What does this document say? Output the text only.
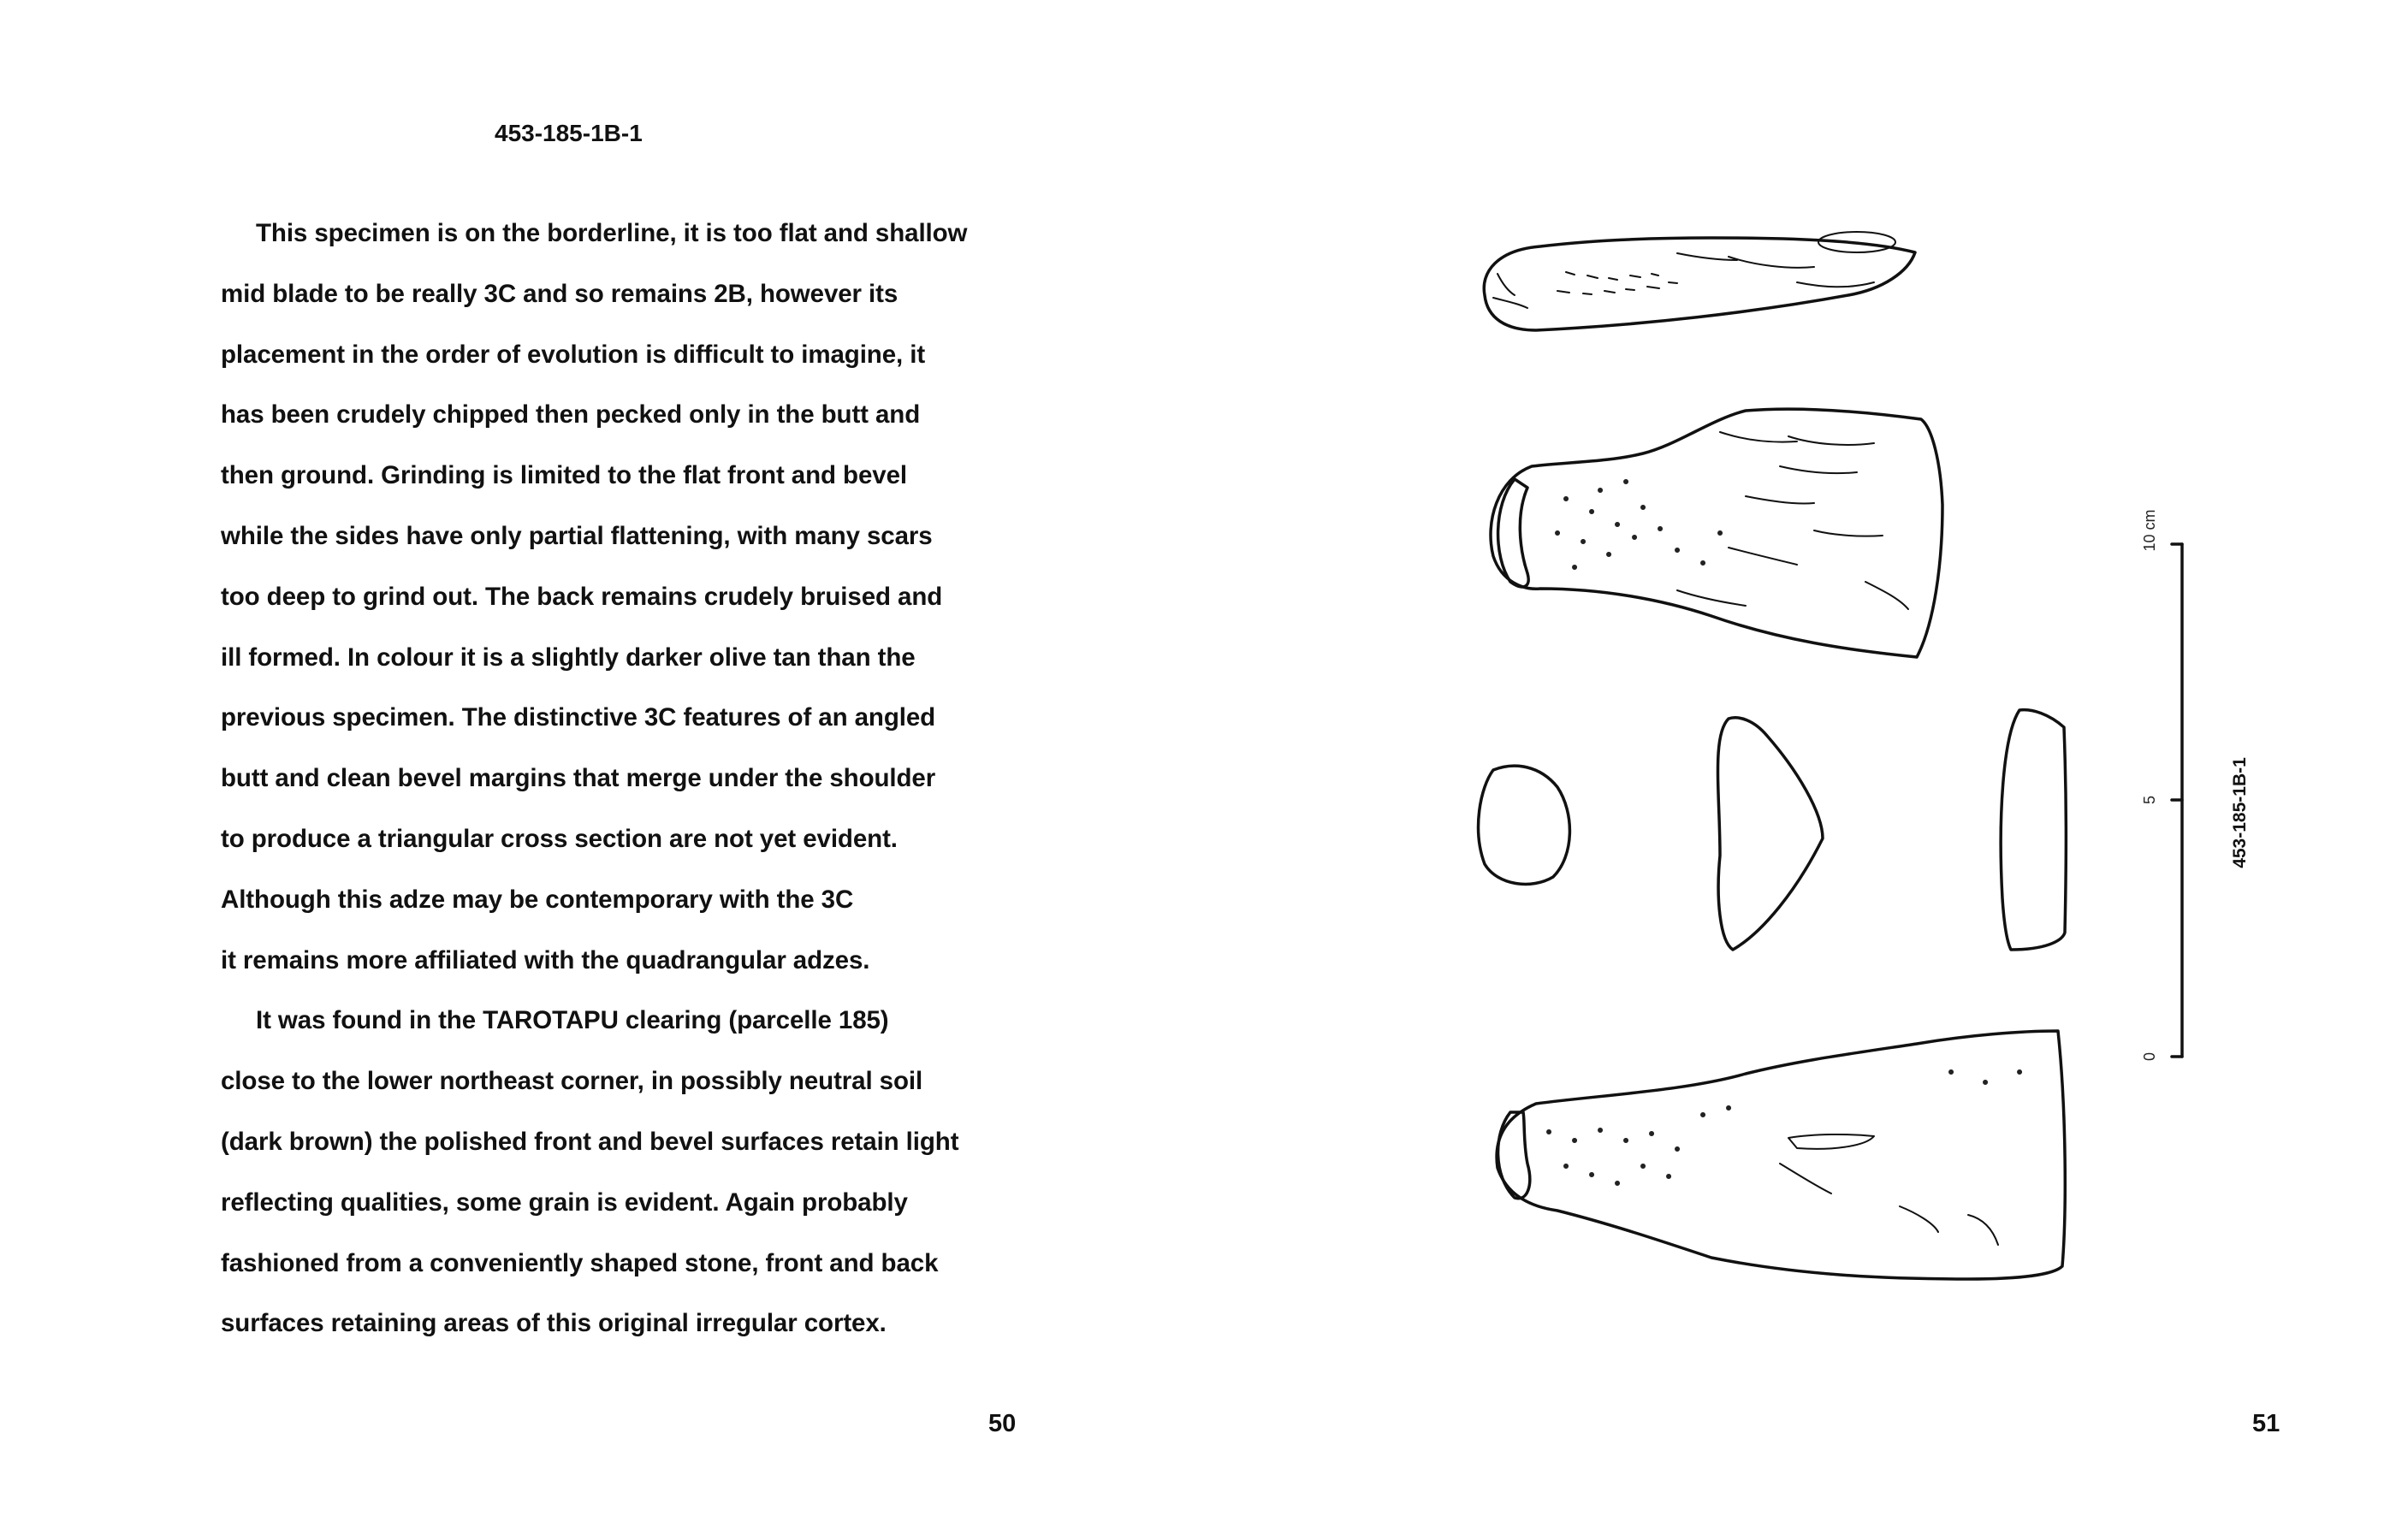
453-185-1B-1
This specimen is on the borderline, it is too flat and shallow
mid blade to be really 3C and so remains 2B, however its
placement in the order of evolution is difficult to imagine, it
has been crudely chipped then pecked only in the butt and
then ground. Grinding is limited to the flat front and bevel
while the sides have only partial flattening, with many scars
too deep to grind out. The back remains crudely bruised and
ill formed. In colour it is a slightly darker olive tan than the
previous specimen. The distinctive 3C features of an angled
butt and clean bevel margins that merge under the shoulder
to produce a triangular cross section are not yet evident.
Although this adze may be contemporary with the 3C
it remains more affiliated with the quadrangular adzes.
It was found in the TAROTAPU clearing (parcelle 185)
close to the lower northeast corner, in possibly neutral soil
(dark brown) the polished front and bevel surfaces retain light
reflecting qualities, some grain is evident. Again probably
fashioned from a conveniently shaped stone, front and back
surfaces retaining areas of this original irregular cortex.
50
0
5
10 cm
453-185-1B-1
51
